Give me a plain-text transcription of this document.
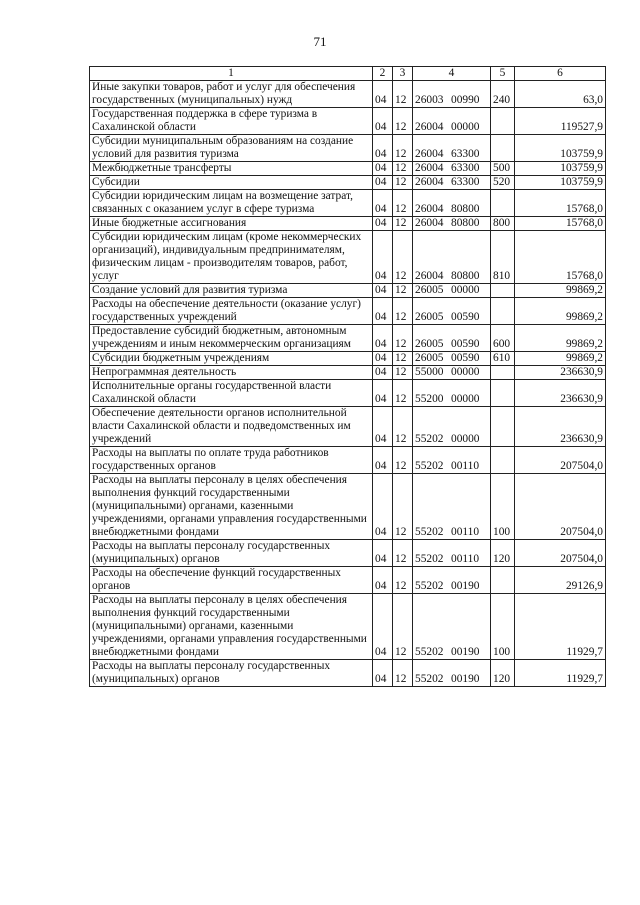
71
1	2	3	4	5	6
Иные закупки товаров, работ и услуг для обеспечения государственных (муниципальных) нужд	04	12	26003 00990	240	63,0
Государственная поддержка в сфере туризма в Сахалинской области	04	12	26004 00000		119527,9
Субсидии муниципальным образованиям на создание условий для развития туризма	04	12	26004 63300		103759,9
Межбюджетные трансферты	04	12	26004 63300	500	103759,9
Субсидии	04	12	26004 63300	520	103759,9
Субсидии юридическим лицам на возмещение затрат, связанных с оказанием услуг в сфере туризма	04	12	26004 80800		15768,0
Иные бюджетные ассигнования	04	12	26004 80800	800	15768,0
Субсидии юридическим лицам (кроме некоммерческих организаций), индивидуальным предпринимателям, физическим лицам - производителям товаров, работ, услуг	04	12	26004 80800	810	15768,0
Создание условий для развития туризма	04	12	26005 00000		99869,2
Расходы на обеспечение деятельности (оказание услуг) государственных учреждений	04	12	26005 00590		99869,2
Предоставление субсидий бюджетным, автономным учреждениям и иным некоммерческим организациям	04	12	26005 00590	600	99869,2
Субсидии бюджетным учреждениям	04	12	26005 00590	610	99869,2
Непрограммная деятельность	04	12	55000 00000		236630,9
Исполнительные органы государственной власти Сахалинской области	04	12	55200 00000		236630,9
Обеспечение деятельности органов исполнительной власти Сахалинской области и подведомственных им учреждений	04	12	55202 00000		236630,9
Расходы на выплаты по оплате труда работников государственных органов	04	12	55202 00110		207504,0
Расходы на выплаты персоналу в целях обеспечения выполнения функций государственными (муниципальными) органами, казенными учреждениями, органами управления государственными внебюджетными фондами	04	12	55202 00110	100	207504,0
Расходы на выплаты персоналу государственных (муниципальных) органов	04	12	55202 00110	120	207504,0
Расходы на обеспечение функций государственных органов	04	12	55202 00190		29126,9
Расходы на выплаты персоналу в целях обеспечения выполнения функций государственными (муниципальными) органами, казенными учреждениями, органами управления государственными внебюджетными фондами	04	12	55202 00190	100	11929,7
Расходы на выплаты персоналу государственных (муниципальных) органов	04	12	55202 00190	120	11929,7
